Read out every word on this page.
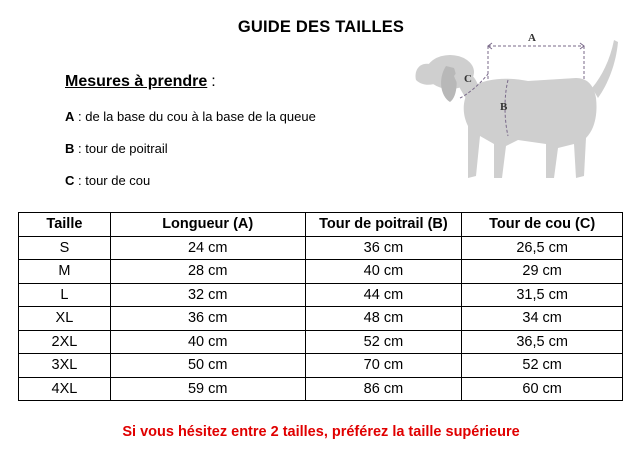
GUIDE DES TAILLES
Mesures à prendre :
A : de la base du cou à la base de la queue
B : tour de poitrail
C : tour de cou
A
C
B
Taille	Longueur (A)	Tour de poitrail (B)	Tour de cou (C)
S	24 cm	36 cm	26,5 cm
M	28 cm	40 cm	29 cm
L	32 cm	44 cm	31,5 cm
XL	36 cm	48 cm	34 cm
2XL	40 cm	52 cm	36,5 cm
3XL	50 cm	70 cm	52 cm
4XL	59 cm	86 cm	60 cm
Si vous hésitez entre 2 tailles, préférez la taille supérieure
